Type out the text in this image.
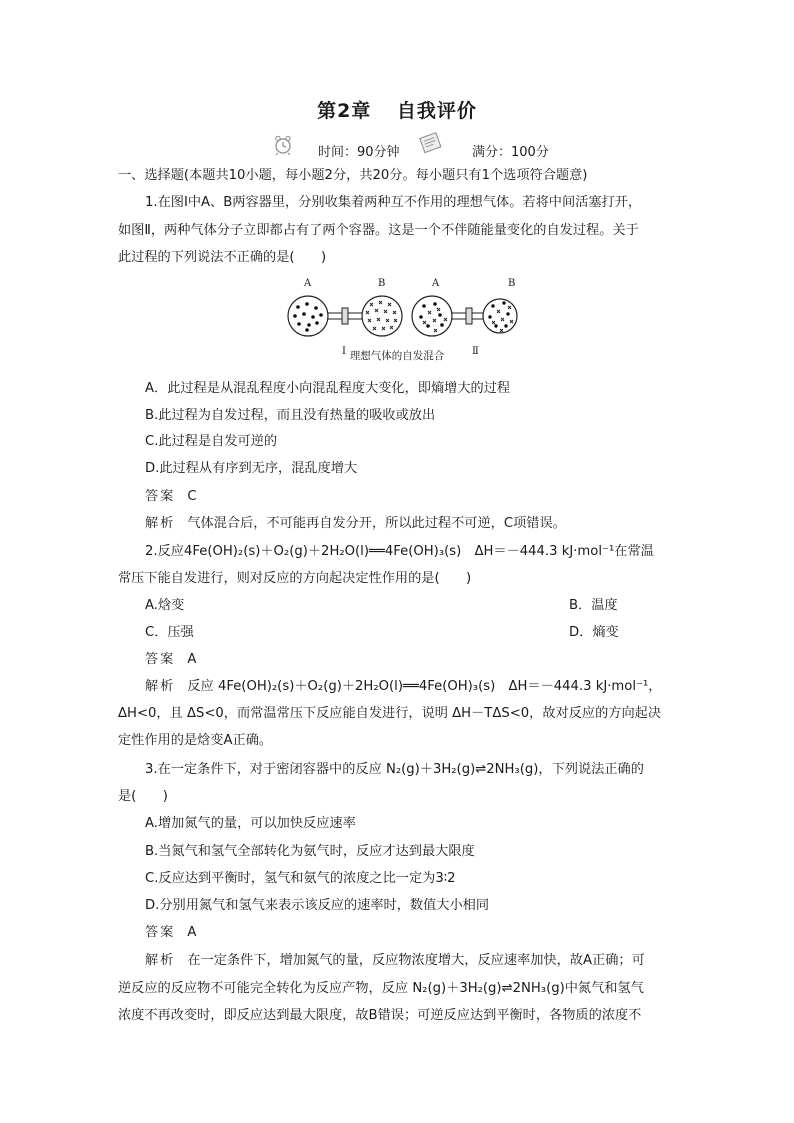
第2章 自我评价
时间：90分钟	满分：100分
一、选择题(本题共10小题，每小题2分，共20分。每小题只有1个选项符合题意)
1.在图Ⅰ中A、B两容器里，分别收集着两种互不作用的理想气体。若将中间活塞打开，
如图Ⅱ，两种气体分子立即都占有了两个容器。这是一个不伴随能量变化的自发过程。关于
此过程的下列说法不正确的是(　　)
A	B	A	B
Ⅰ	Ⅱ
理想气体的自发混合
A．此过程是从混乱程度小向混乱程度大变化，即熵增大的过程
B.此过程为自发过程，而且没有热量的吸收或放出
C.此过程是自发可逆的
D.此过程从有序到无序，混乱度增大
答案 C
解析 气体混合后，不可能再自发分开，所以此过程不可逆，C项错误。
2.反应4Fe(OH)₂(s)＋O₂(g)＋2H₂O(l)══4Fe(OH)₃(s)　ΔH＝－444.3 kJ·mol⁻¹在常温
常压下能自发进行，则对反应的方向起决定性作用的是(　　)
A.焓变	B．温度
C．压强	D．熵变
答案 A
解析 反应 4Fe(OH)₂(s)＋O₂(g)＋2H₂O(l)══4Fe(OH)₃(s)　ΔH＝－444.3 kJ·mol⁻¹，
ΔH<0，且 ΔS<0，而常温常压下反应能自发进行，说明 ΔH－TΔS<0，故对反应的方向起决
定性作用的是焓变A正确。
3.在一定条件下，对于密闭容器中的反应 N₂(g)＋3H₂(g)⇌2NH₃(g)，下列说法正确的
是(　　)
A.增加氮气的量，可以加快反应速率
B.当氮气和氢气全部转化为氨气时，反应才达到最大限度
C.反应达到平衡时，氢气和氨气的浓度之比一定为3∶2
D.分别用氮气和氢气来表示该反应的速率时，数值大小相同
答案 A
解析 在一定条件下，增加氮气的量，反应物浓度增大，反应速率加快，故A正确；可
逆反应的反应物不可能完全转化为反应产物，反应 N₂(g)＋3H₂(g)⇌2NH₃(g)中氮气和氢气
浓度不再改变时，即反应达到最大限度，故B错误；可逆反应达到平衡时，各物质的浓度不
